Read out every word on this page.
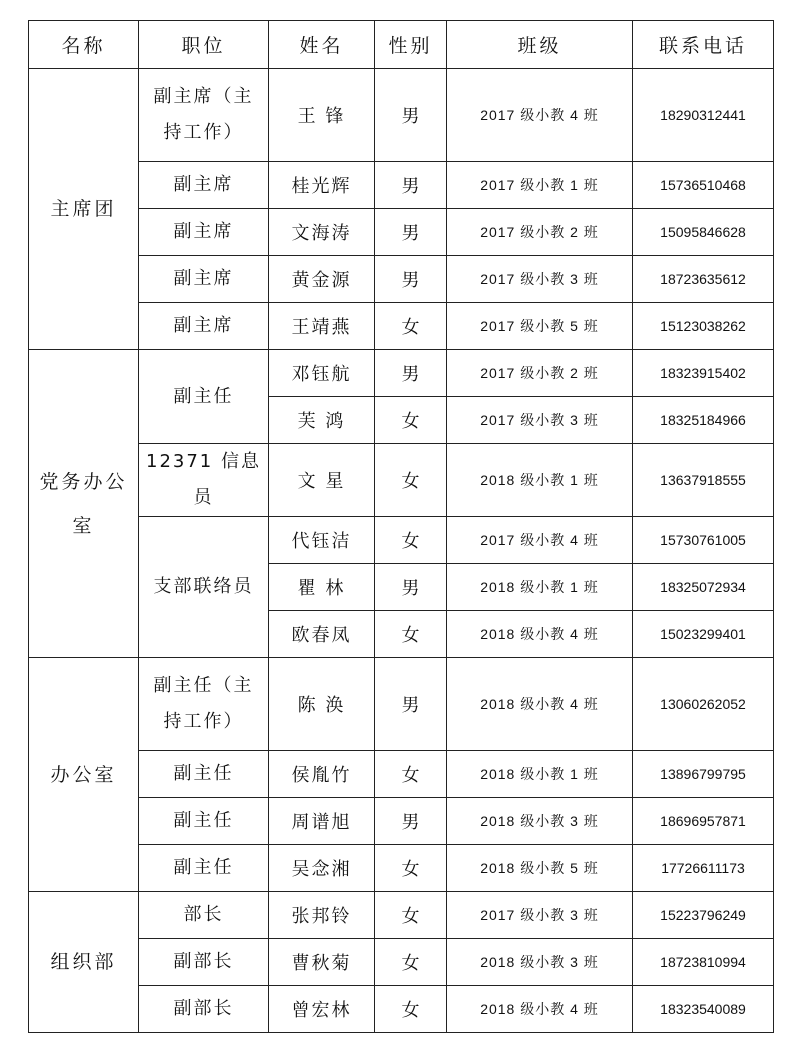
名称	职位	姓名	性别	班级	联系电话
主席团	副主席（主持工作）	王 锋	男	2017 级小教 4 班	18290312441
	副主席	桂光辉	男	2017 级小教 1 班	15736510468
	副主席	文海涛	男	2017 级小教 2 班	15095846628
	副主席	黄金源	男	2017 级小教 3 班	18723635612
	副主席	王靖燕	女	2017 级小教 5 班	15123038262
党务办公室	副主任	邓钰航	男	2017 级小教 2 班	18323915402
		芙 鸿	女	2017 级小教 3 班	18325184966
	12371 信息员	文 星	女	2018 级小教 1 班	13637918555
	支部联络员	代钰洁	女	2017 级小教 4 班	15730761005
		瞿 林	男	2018 级小教 1 班	18325072934
		欧春凤	女	2018 级小教 4 班	15023299401
办公室	副主任（主持工作）	陈 涣	男	2018 级小教 4 班	13060262052
	副主任	侯胤竹	女	2018 级小教 1 班	13896799795
	副主任	周谱旭	男	2018 级小教 3 班	18696957871
	副主任	吴念湘	女	2018 级小教 5 班	17726611173
组织部	部长	张邦铃	女	2017 级小教 3 班	15223796249
	副部长	曹秋菊	女	2018 级小教 3 班	18723810994
	副部长	曾宏林	女	2018 级小教 4 班	18323540089
